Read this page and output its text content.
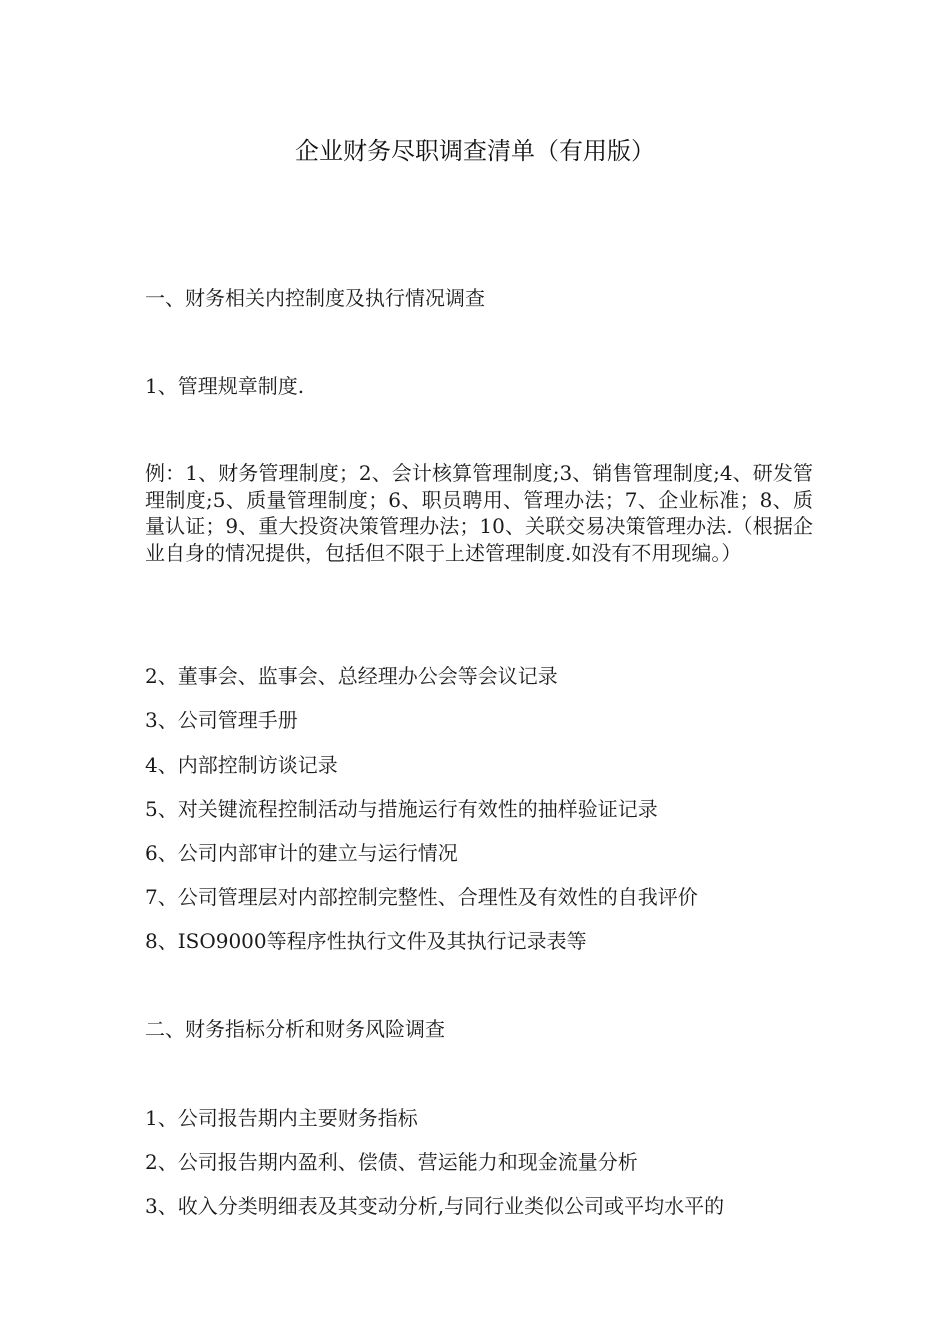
企业财务尽职调查清单（有用版）
一、财务相关内控制度及执行情况调查
1、管理规章制度.
例：1、财务管理制度；2、会计核算管理制度;3、销售管理制度;4、研发管理制度;5、质量管理制度；6、职员聘用、管理办法；7、企业标准；8、质量认证；9、重大投资决策管理办法；10、关联交易决策管理办法.（根据企业自身的情况提供，包括但不限于上述管理制度.如没有不用现编。）
2、董事会、监事会、总经理办公会等会议记录
3、公司管理手册
4、内部控制访谈记录
5、对关键流程控制活动与措施运行有效性的抽样验证记录
6、公司内部审计的建立与运行情况
7、公司管理层对内部控制完整性、合理性及有效性的自我评价
8、ISO9000等程序性执行文件及其执行记录表等
二、财务指标分析和财务风险调查
1、公司报告期内主要财务指标
2、公司报告期内盈利、偿债、营运能力和现金流量分析
3、收入分类明细表及其变动分析,与同行业类似公司或平均水平的
